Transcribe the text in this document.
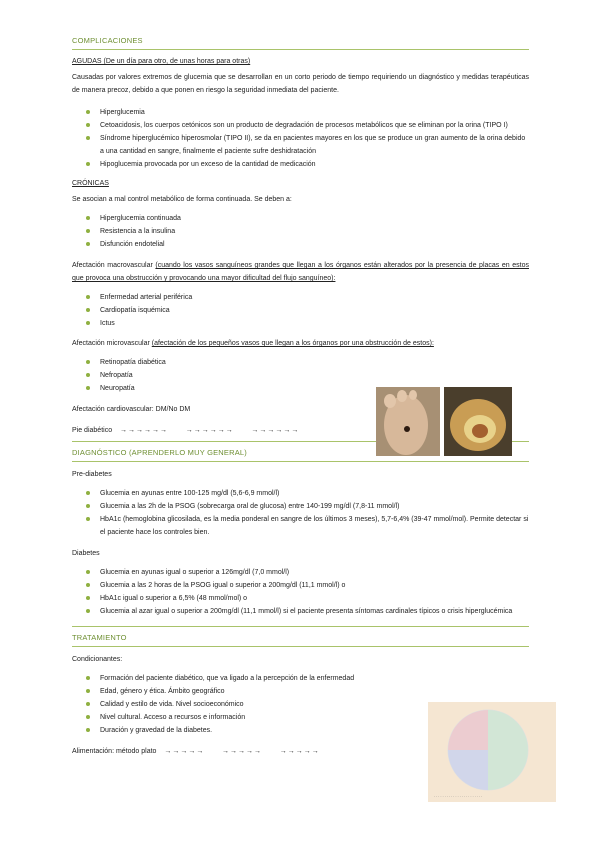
COMPLICACIONES

AGUDAS (De un día para otro, de unas horas para otras)

Causadas por valores extremos de glucemia que se desarrollan en un corto periodo de tiempo requiriendo un diagnóstico y medidas terapéuticas de manera precoz, debido a que ponen en riesgo la seguridad inmediata del paciente.

Hiperglucemia
Cetoacidosis, los cuerpos cetónicos son un producto de degradación de procesos metabólicos que se eliminan por la orina (TIPO I)
Síndrome hiperglucémico hiperosmolar (TIPO II), se da en pacientes mayores en los que se produce un gran aumento de la orina debido a una cantidad en sangre, finalmente el paciente sufre deshidratación
Hipoglucemia provocada por un exceso de la cantidad de medicación

CRÓNICAS

Se asocian a mal control metabólico de forma continuada. Se deben a:

Hiperglucemia continuada
Resistencia a la insulina
Disfunción endotelial

Afectación macrovascular (cuando los vasos sanguíneos grandes que llegan a los órganos están alterados por la presencia de placas en estos que provoca una obstrucción y provocando una mayor dificultad del flujo sanguíneo):

Enfermedad arterial periférica
Cardiopatía isquémica
Ictus

Afectación microvascular (afectación de los pequeños vasos que llegan a los órganos por una obstrucción de estos):

Retinopatía diabética
Nefropatía
Neuropatía

Afectación cardiovascular: DM/No DM

Pie diabético →→→→→→      →→→→→→      →→→→→→

DIAGNÓSTICO (APRENDERLO MUY GENERAL)

Pre-diabetes

Glucemia en ayunas entre 100-125 mg/dl (5,6-6,9 mmol/l)
Glucemia a las 2h de la PSOG (sobrecarga oral de glucosa) entre 140-199 mg/dl (7,8-11 mmol/l)
HbA1c (hemoglobina glicosilada, es la media ponderal en sangre de los últimos 3 meses), 5,7-6,4% (39-47 mmol/mol). Permite detectar si el paciente hace los controles bien.

Diabetes

Glucemia en ayunas igual o superior a 126mg/dl (7,0 mmol/l)
Glucemia a las 2 horas de la PSOG igual o superior a 200mg/dl (11,1 mmol/l) o
HbA1c igual o superior a 6,5% (48 mmol/mol) o
Glucemia al azar igual o superior a 200mg/dl (11,1 mmol/l) si el paciente presenta síntomas cardinales típicos o crisis hiperglucémica

TRATAMIENTO

Condicionantes:

Formación del paciente diabético, que va ligado a la percepción de la enfermedad
Edad, género y ética. Ámbito geográfico
Calidad y estilo de vida. Nivel socioeconómico
Nivel cultural. Acceso a recursos e información
Duración y gravedad de la diabetes.

Alimentación: método plato →→→→→      →→→→→      →→→→→

· · · · · · · · · · · · · · · · · · · · · · ·
